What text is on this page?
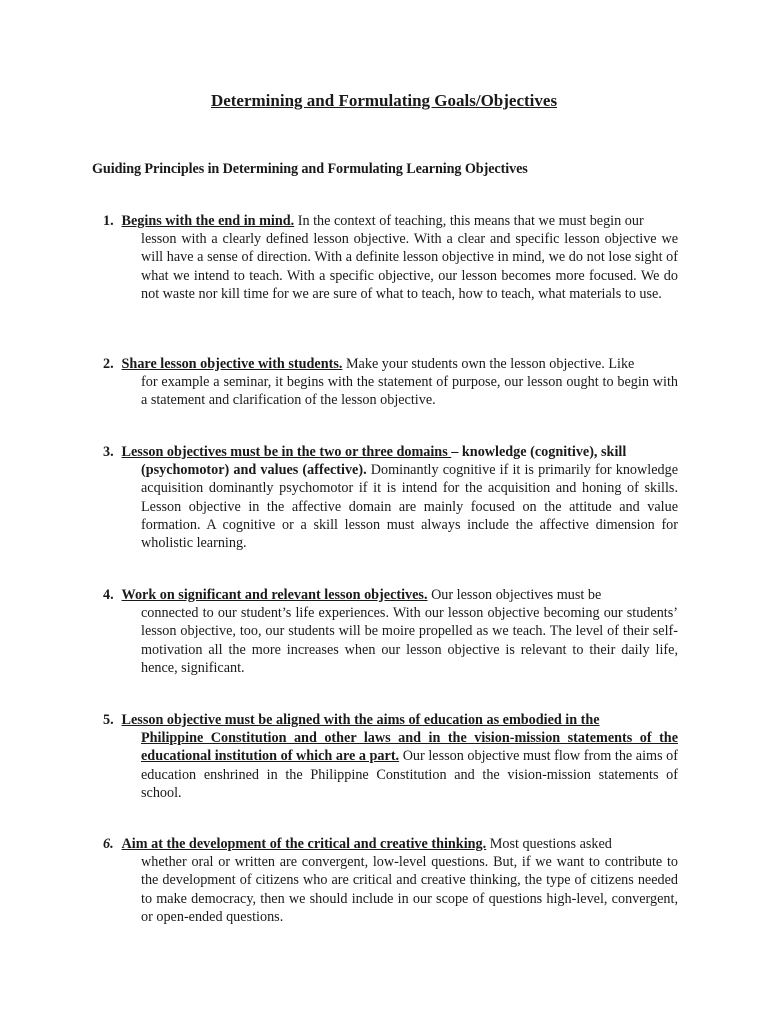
Determining and Formulating Goals/Objectives

Guiding Principles in Determining and Formulating Learning Objectives

1. Begins with the end in mind. In the context of teaching, this means that we must begin our
lesson with a clearly defined lesson objective. With a clear and specific lesson objective we will have a sense of direction. With a definite lesson objective in mind, we do not lose sight of what we intend to teach. With a specific objective, our lesson becomes more focused. We do not waste nor kill time for we are sure of what to teach, how to teach, what materials to use.
2. Share lesson objective with students. Make your students own the lesson objective. Like
for example a seminar, it begins with the statement of purpose, our lesson ought to begin with a statement and clarification of the lesson objective.
3. Lesson objectives must be in the two or three domains – knowledge (cognitive), skill
(psychomotor) and values (affective). Dominantly cognitive if it is primarily for knowledge acquisition dominantly psychomotor if it is intend for the acquisition and honing of skills. Lesson objective in the affective domain are mainly focused on the attitude and value formation. A cognitive or a skill lesson must always include the affective dimension for wholistic learning.
4. Work on significant and relevant lesson objectives. Our lesson objectives must be
connected to our student’s life experiences. With our lesson objective becoming our students’ lesson objective, too, our students will be moire propelled as we teach. The level of their self-motivation all the more increases when our lesson objective is relevant to their daily life, hence, significant.
5. Lesson objective must be aligned with the aims of education as embodied in the
Philippine Constitution and other laws and in the vision-mission statements of the educational institution of which are a part. Our lesson objective must flow from the aims of education enshrined in the Philippine Constitution and the vision-mission statements of school.
6. Aim at the development of the critical and creative thinking. Most questions asked
whether oral or written are convergent, low-level questions. But, if we want to contribute to the development of citizens who are critical and creative thinking, the type of citizens needed to make democracy, then we should include in our scope of questions high-level, convergent, or open-ended questions.
